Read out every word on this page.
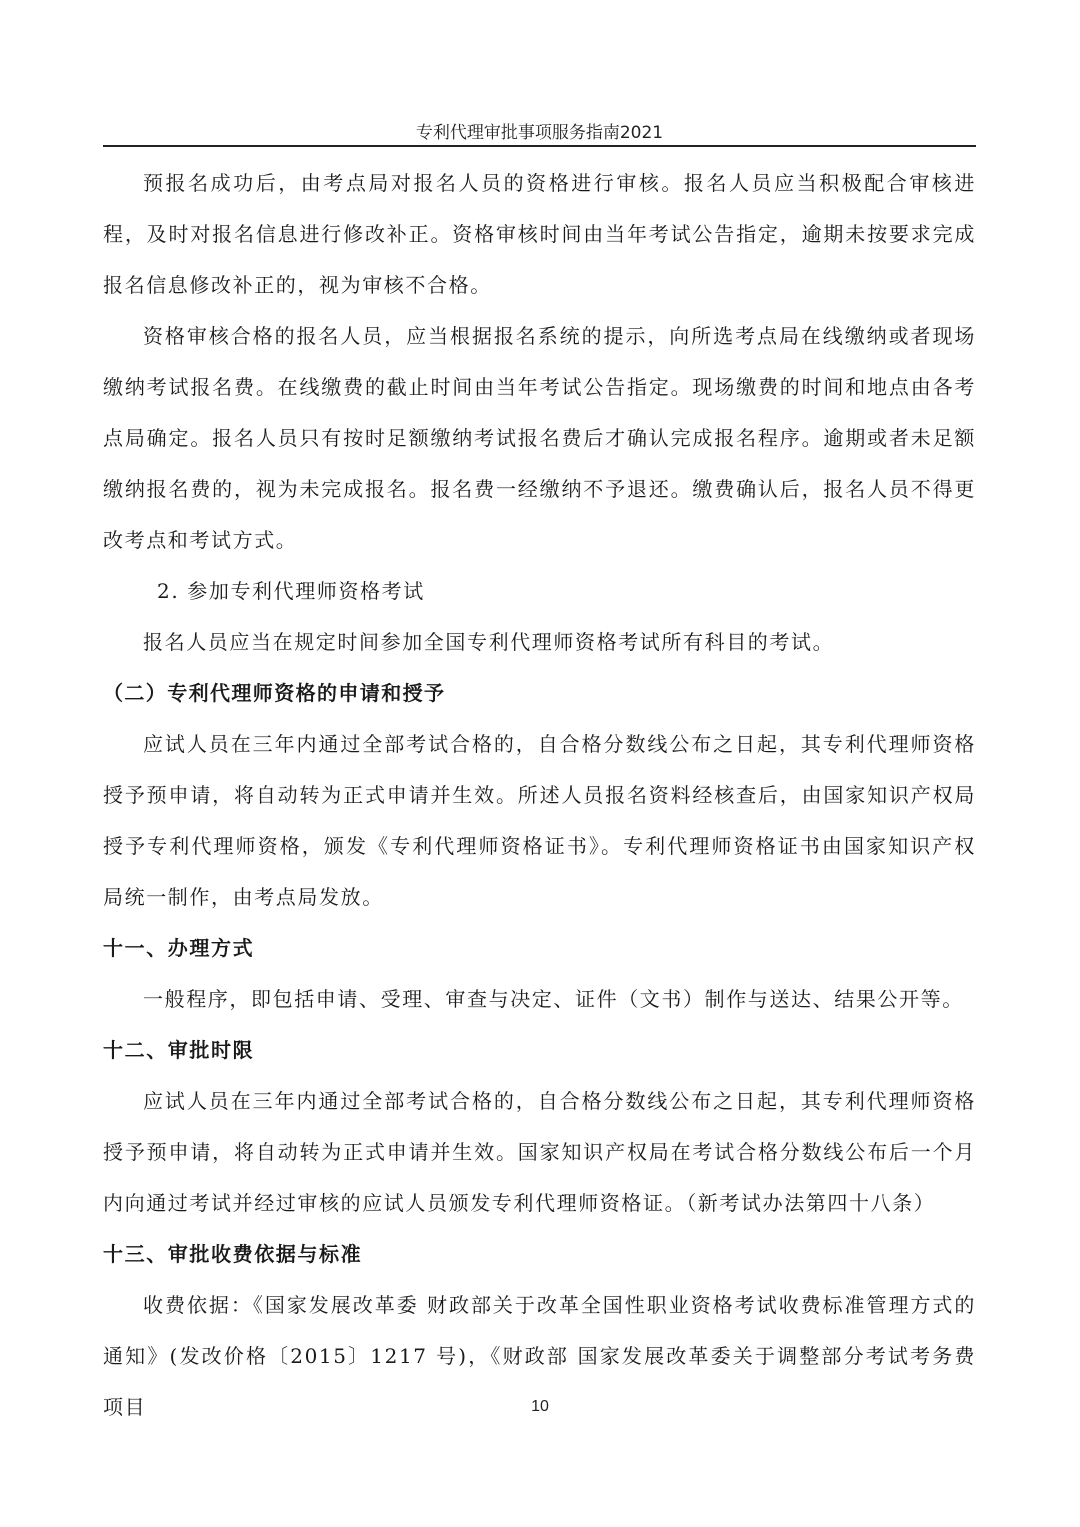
专利代理审批事项服务指南2021

预报名成功后，由考点局对报名人员的资格进行审核。报名人员应当积极配合审核进程，及时对报名信息进行修改补正。资格审核时间由当年考试公告指定，逾期未按要求完成报名信息修改补正的，视为审核不合格。

资格审核合格的报名人员，应当根据报名系统的提示，向所选考点局在线缴纳或者现场缴纳考试报名费。在线缴费的截止时间由当年考试公告指定。现场缴费的时间和地点由各考点局确定。报名人员只有按时足额缴纳考试报名费后才确认完成报名程序。逾期或者未足额缴纳报名费的，视为未完成报名。报名费一经缴纳不予退还。缴费确认后，报名人员不得更改考点和考试方式。

2. 参加专利代理师资格考试

报名人员应当在规定时间参加全国专利代理师资格考试所有科目的考试。

（二）专利代理师资格的申请和授予

应试人员在三年内通过全部考试合格的，自合格分数线公布之日起，其专利代理师资格授予预申请，将自动转为正式申请并生效。所述人员报名资料经核查后，由国家知识产权局授予专利代理师资格，颁发《专利代理师资格证书》。专利代理师资格证书由国家知识产权局统一制作，由考点局发放。

十一、办理方式

一般程序，即包括申请、受理、审查与决定、证件（文书）制作与送达、结果公开等。

十二、审批时限

应试人员在三年内通过全部考试合格的，自合格分数线公布之日起，其专利代理师资格授予预申请，将自动转为正式申请并生效。国家知识产权局在考试合格分数线公布后一个月内向通过考试并经过审核的应试人员颁发专利代理师资格证。（新考试办法第四十八条）

十三、审批收费依据与标准

收费依据：《国家发展改革委 财政部关于改革全国性职业资格考试收费标准管理方式的通知》(发改价格〔2015〕1217 号)，《财政部 国家发展改革委关于调整部分考试考务费项目	10
